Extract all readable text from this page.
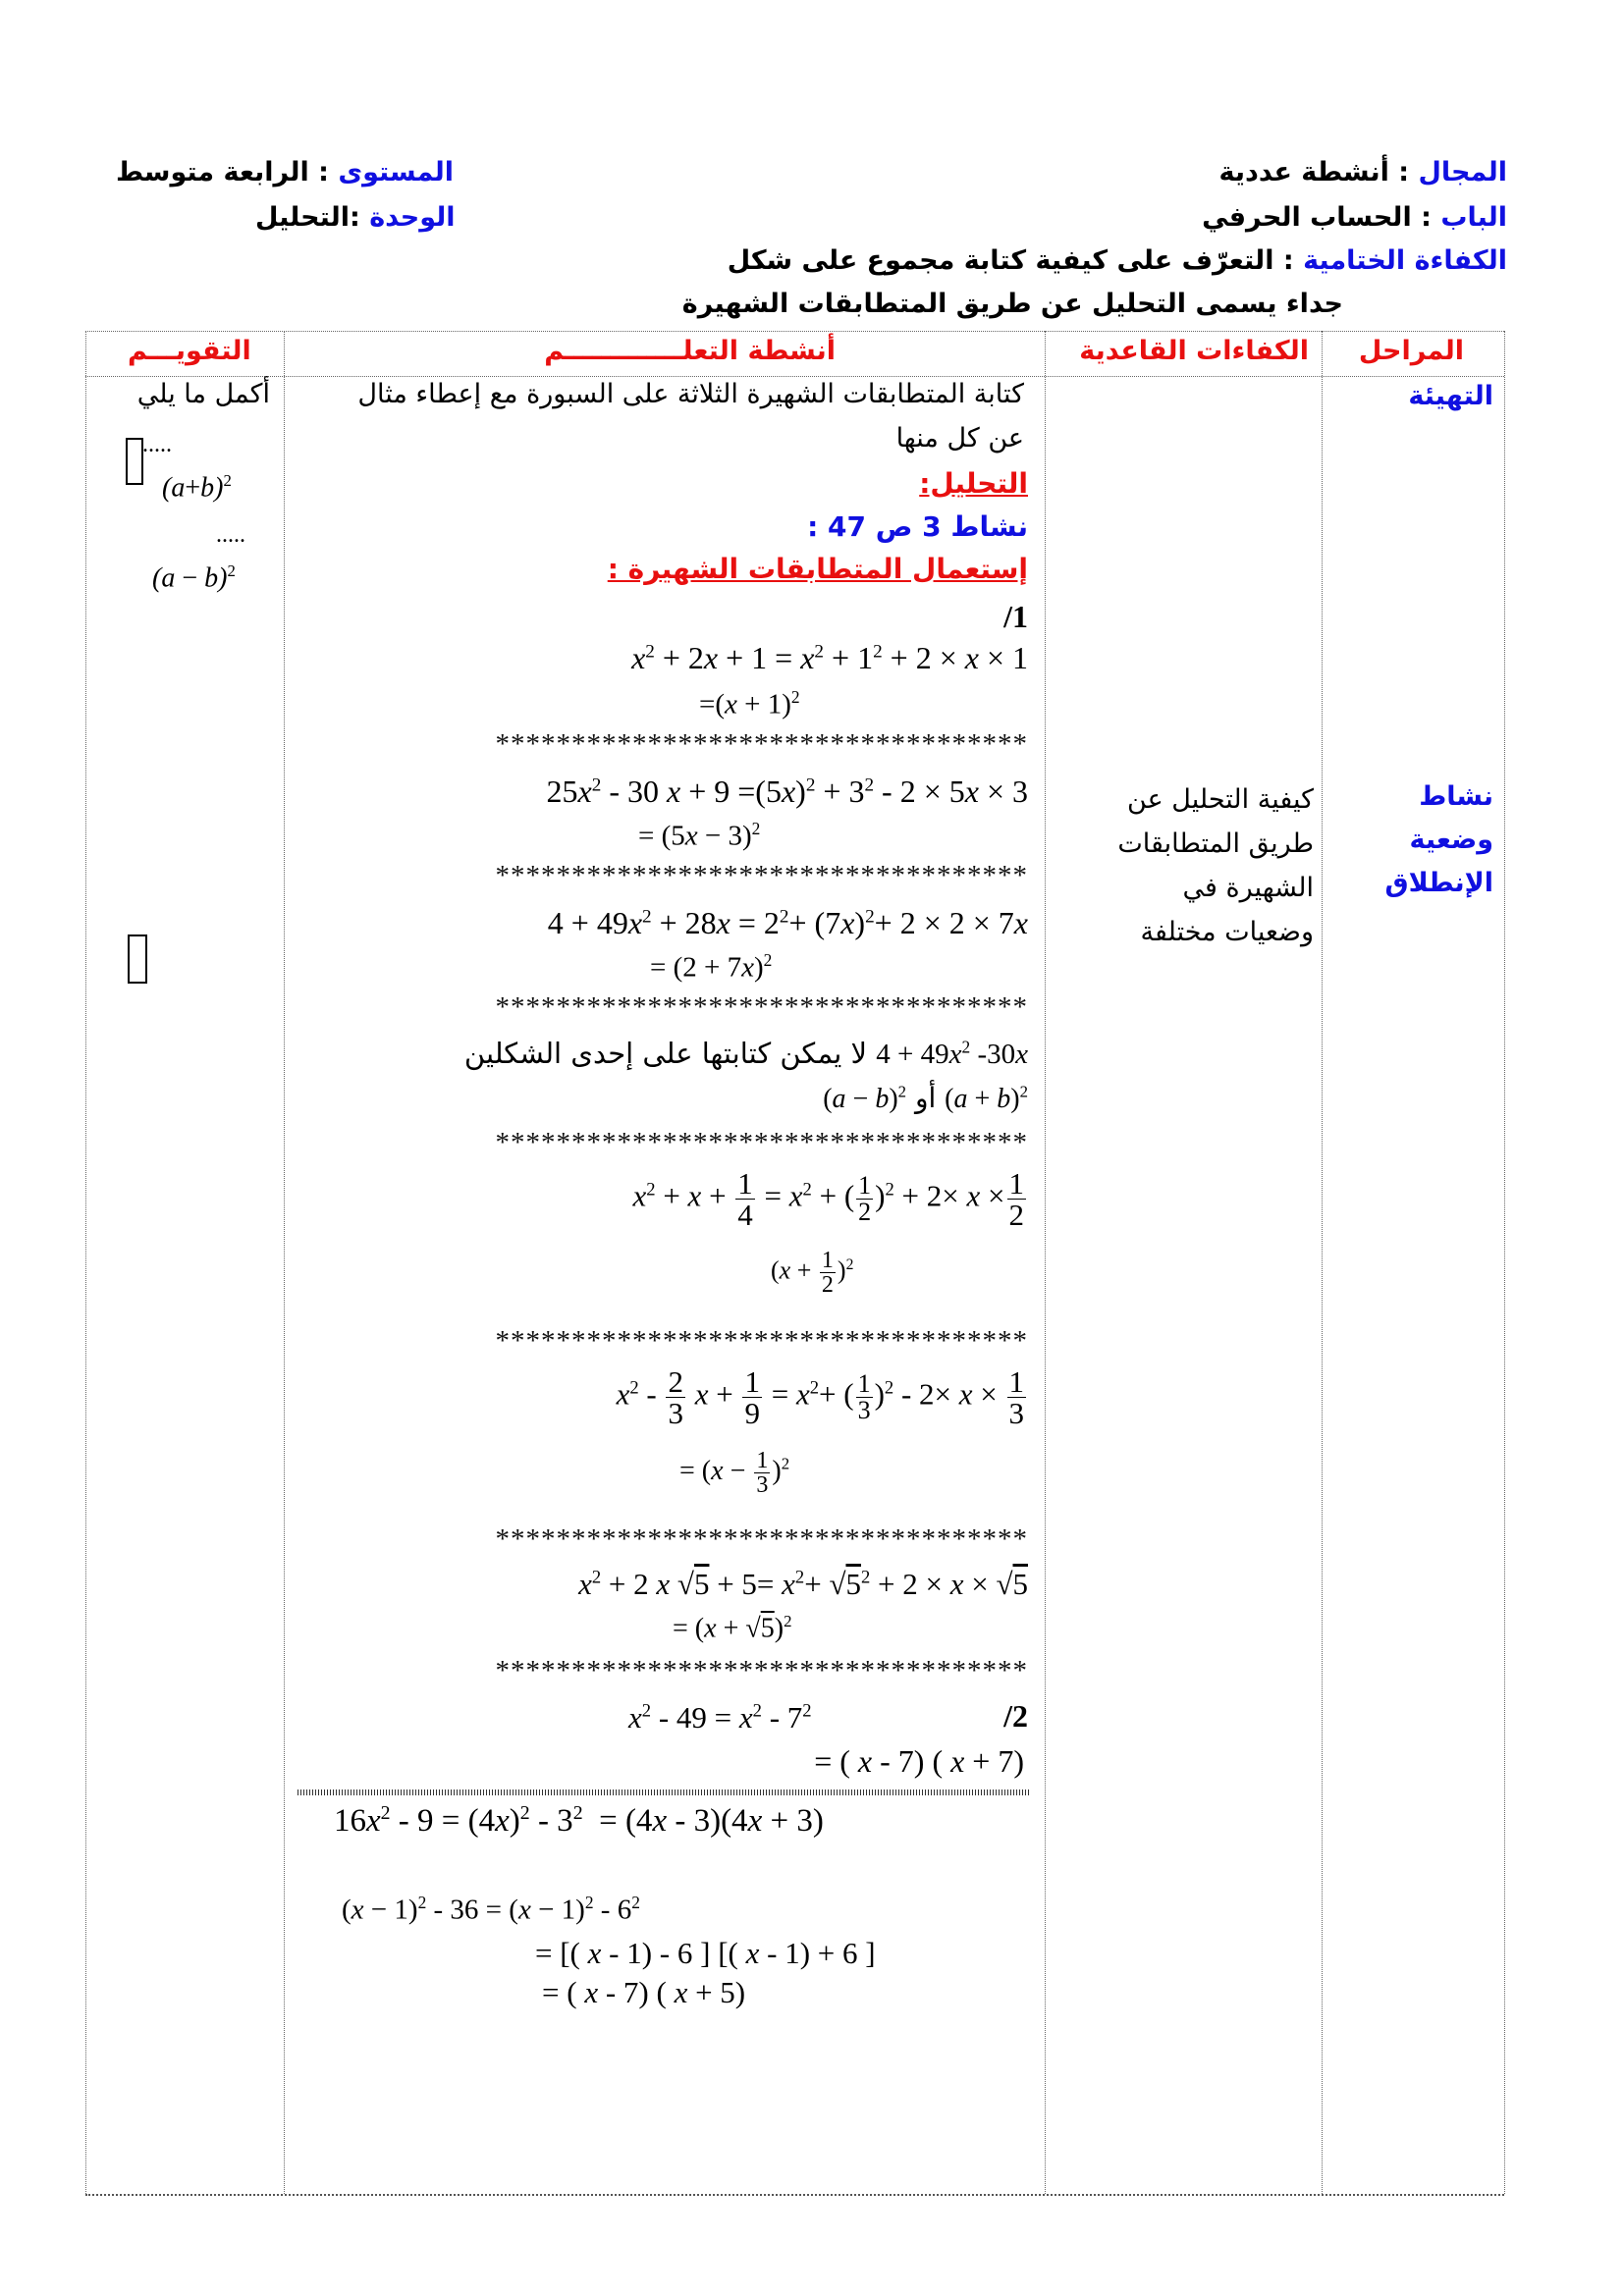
المجال : أنشطة عددية
الباب : الحساب الحرفي
الكفاءة الختامية : التعرّف على كيفية كتابة مجموع على شكل
جداء يسمى التحليل عن طريق المتطابقات الشهيرة
المستوى : الرابعة متوسط
الوحدة :التحليل
المراحل
الكفاءات القاعدية
أنشطة التعلـــــــــــــم
التقويـــم
التهيئة
نشاط
وضعية
الإنطلاق
كيفية التحليل عن
طريق المتطابقات
الشهيرة في
وضعيات مختلفة
أكمل ما يلي
.....
$(a+b)^2$
.....
$(a - b)^2$
كتابة المتطابقات الشهيرة الثلاثة على السبورة مع إعطاء مثال
عن كل منها
التحليل:
نشاط 3 ص 47 :
إستعمال المتطابقات الشهيرة :
/1
$x^2 + 2x + 1 = x^2 + 1^2 + 2 \times x \times 1$
$=(x + 1)^2$
***********************************
$25x^2 - 30$ $x + 9 =(5x)^2 + 3^2 - 2 \times 5x \times 3$
= $(5x - 3)^2$
***********************************
$4 + 49x^2 + 28x = 2^2+ (7x)^2+ 2 \times 2 \times 7x$
= $(2 + 7x)^2$
***********************************
$4 + 49x^2$ -30x لا يمكن كتابتها على إحدى الشكلين
$(a + b)^2$ أو $(a - b)^2$
***********************************
$x^2 + x + \frac{1}{4} = x^2$ + ( $\frac{1}{2} )^2 + 2\times x \times \frac{1}{2}$
$(x + \frac{1}{2} )^2$
***********************************
$x^2 - \frac{2}{3}$ $x + \frac{1}{9} = x^2+$ ( $\frac{1}{3} )^2 - 2\times x \times \frac{1}{3}$
= $(x - \frac{1}{3} )^2$
***********************************
$x^2 + 2$ x $√5 + 5= x^2+ √5^2 + 2 \times x \times √5$
= $(x + √5)^2$
***********************************
/2
$x^2 - 49 = x^2 - 7^2$
= ( x - 7) ( x + 7)
$16x^2 - 9 = (4x)^2 - 3^2 = (4x - 3)(4x + 3)$
$(x - 1)^2 - 36 = (x - 1)^2 - 6^2$
= [( x - 1) - 6 ] [( x - 1) + 6 ]
= ( x - 7) ( x + 5)
